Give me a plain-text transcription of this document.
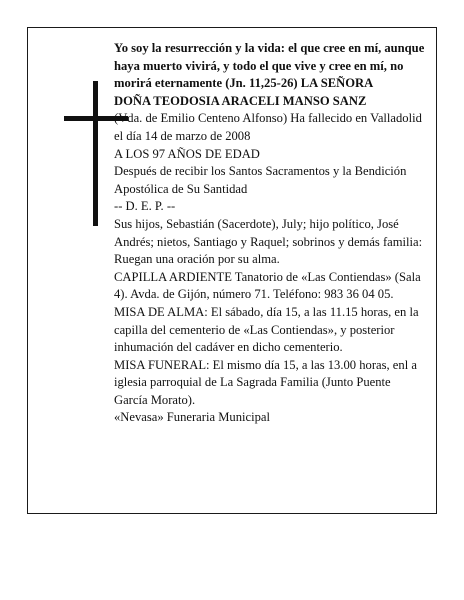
Yo soy la resurrección y la vida: el que cree en mí, aunque haya muerto vivirá, y todo el que vive y cree en mí, no morirá eternamente (Jn. 11,25-26) LA SEÑORA

DOÑA TEODOSIA ARACELI MANSO SANZ

(Vda. de Emilio Centeno Alfonso) Ha fallecido en Valladolid el día 14 de marzo de 2008

A LOS 97 AÑOS DE EDAD

Después de recibir los Santos Sacramentos y la Bendición Apostólica de Su Santidad

-- D. E. P. --

Sus hijos, Sebastián (Sacerdote), July; hijo político, José Andrés; nietos, Santiago y Raquel; sobrinos y demás familia:

Ruegan una oración por su alma.

CAPILLA ARDIENTE Tanatorio de «Las Contiendas» (Sala 4). Avda. de Gijón, número 71. Teléfono: 983 36 04 05.

MISA DE ALMA: El sábado, día 15, a las 11.15 horas, en la capilla del cementerio de «Las Contiendas», y posterior inhumación del cadáver en dicho cementerio.

MISA FUNERAL: El mismo día 15, a las 13.00 horas, enl a iglesia parroquial de La Sagrada Familia (Junto Puente García Morato).

«Nevasa» Funeraria Municipal
